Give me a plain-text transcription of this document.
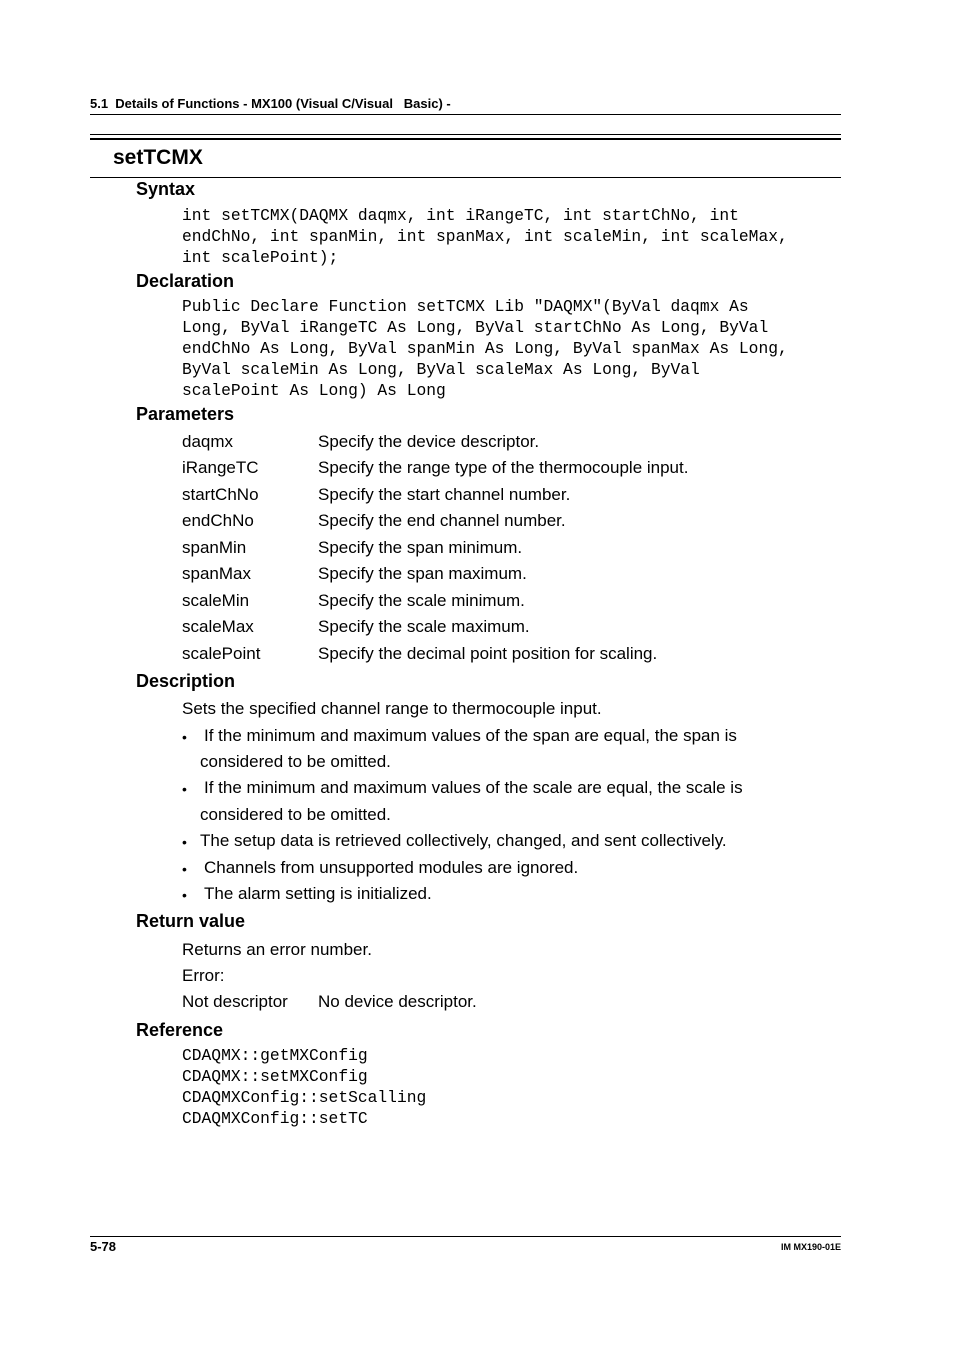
5.1  Details of Functions - MX100 (Visual C/Visual   Basic) -
setTCMX
Syntax
int setTCMX(DAQMX daqmx, int iRangeTC, int startChNo, int
endChNo, int spanMin, int spanMax, int scaleMin, int scaleMax,
int scalePoint);
Declaration
Public Declare Function setTCMX Lib "DAQMX"(ByVal daqmx As
Long, ByVal iRangeTC As Long, ByVal startChNo As Long, ByVal
endChNo As Long, ByVal spanMin As Long, ByVal spanMax As Long,
ByVal scaleMin As Long, ByVal scaleMax As Long, ByVal
scalePoint As Long) As Long
Parameters
daqmx	Specify the device descriptor.
iRangeTC	Specify the range type of the thermocouple input.
startChNo	Specify the start channel number.
endChNo	Specify the end channel number.
spanMin	Specify the span minimum.
spanMax	Specify the span maximum.
scaleMin	Specify the scale minimum.
scaleMax	Specify the scale maximum.
scalePoint	Specify the decimal point position for scaling.
Description
Sets the specified channel range to thermocouple input.
• If the minimum and maximum values of the span are equal, the span is
considered to be omitted.
• If the minimum and maximum values of the scale are equal, the scale is
considered to be omitted.
• The setup data is retrieved collectively, changed, and sent collectively.
• Channels from unsupported modules are ignored.
• The alarm setting is initialized.
Return value
Returns an error number.
Error:
Not descriptor No device descriptor.
Reference
CDAQMX::getMXConfig
CDAQMX::setMXConfig
CDAQMXConfig::setScalling
CDAQMXConfig::setTC
5-78	IM MX190-01E
